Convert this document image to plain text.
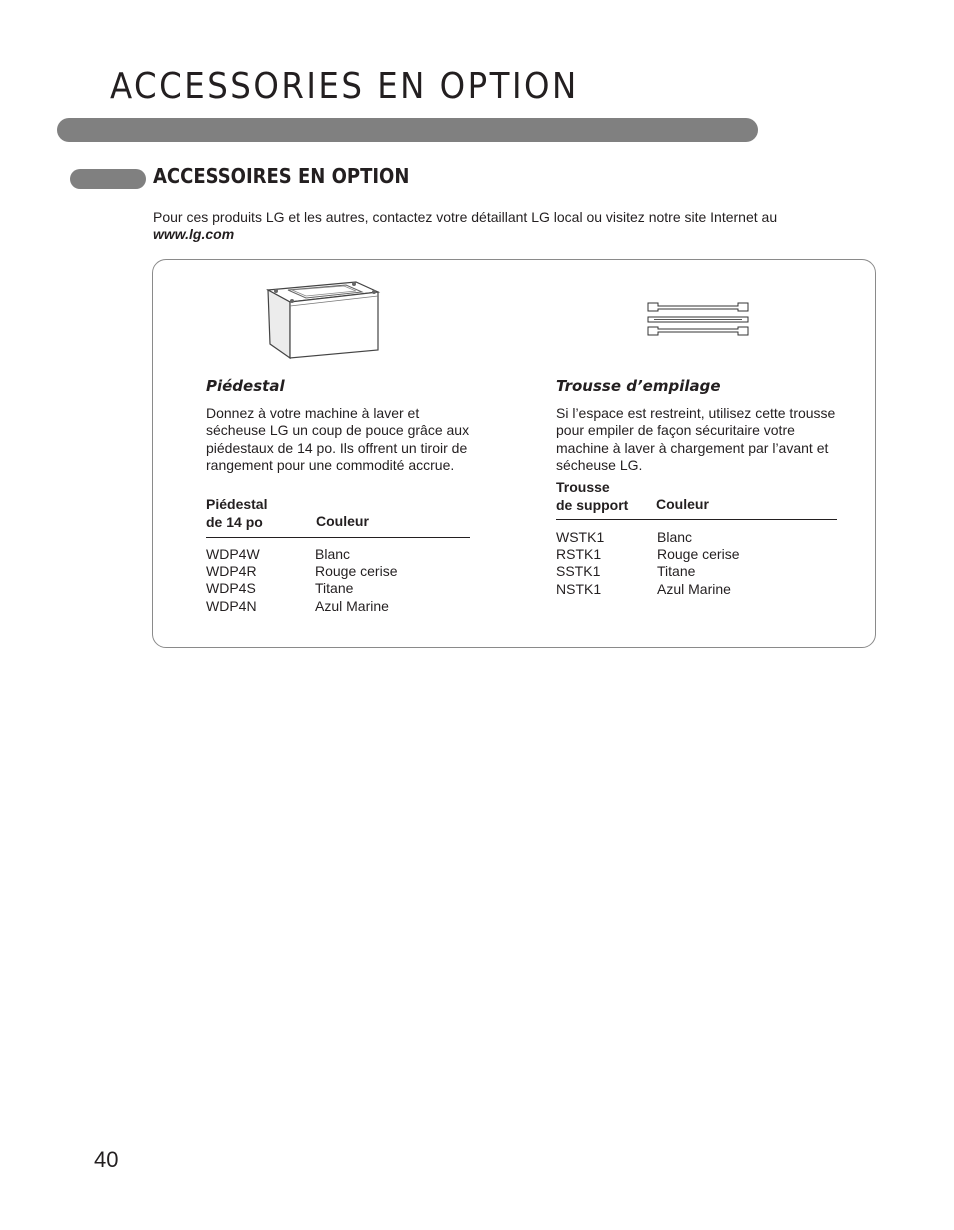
ACCESSORIES EN OPTION
ACCESSOIRES EN OPTION
Pour ces produits LG et les autres, contactez votre détaillant LG local ou visitez notre site Internet au
www.lg.com
Piédestal
Donnez à votre machine à laver et sécheuse LG un coup de pouce grâce aux piédestaux de 14 po. Ils offrent un tiroir de rangement pour une commodité accrue.
Piédestal
de 14 po	Couleur
WDP4W
WDP4R
WDP4S
WDP4N
Blanc
Rouge cerise
Titane
Azul Marine
Trousse d’empilage
Si l’espace est restreint, utilisez cette trousse pour empiler de façon sécuritaire votre machine à laver à chargement par l’avant et sécheuse LG.
Trousse
de support Couleur
WSTK1
RSTK1
SSTK1
NSTK1
Blanc
Rouge cerise
Titane
Azul Marine
40
